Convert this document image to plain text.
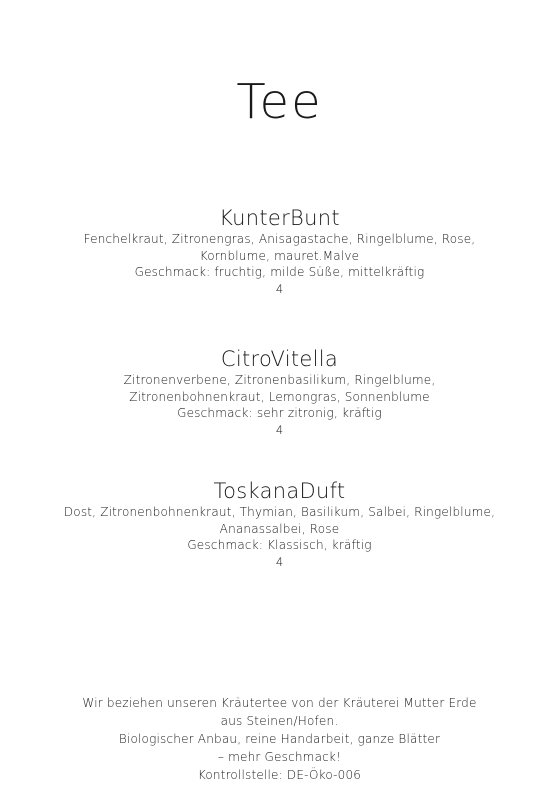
Tee
KunterBunt
Fenchelkraut, Zitronengras, Anisagastache, Ringelblume, Rose,
Kornblume, mauret.Malve
Geschmack: fruchtig, milde Süße, mittelkräftig
4
CitroVitella
Zitronenverbene, Zitronenbasilikum, Ringelblume,
Zitronenbohnenkraut, Lemongras, Sonnenblume
Geschmack: sehr zitronig, kräftig
4
ToskanaDuft
Dost, Zitronenbohnenkraut, Thymian, Basilikum, Salbei, Ringelblume,
Ananassalbei, Rose
Geschmack: Klassisch, kräftig
4
Wir beziehen unseren Kräutertee von der Kräuterei Mutter Erde
aus Steinen/Hofen.
Biologischer Anbau, reine Handarbeit, ganze Blätter
– mehr Geschmack!
Kontrollstelle: DE-Öko-006
